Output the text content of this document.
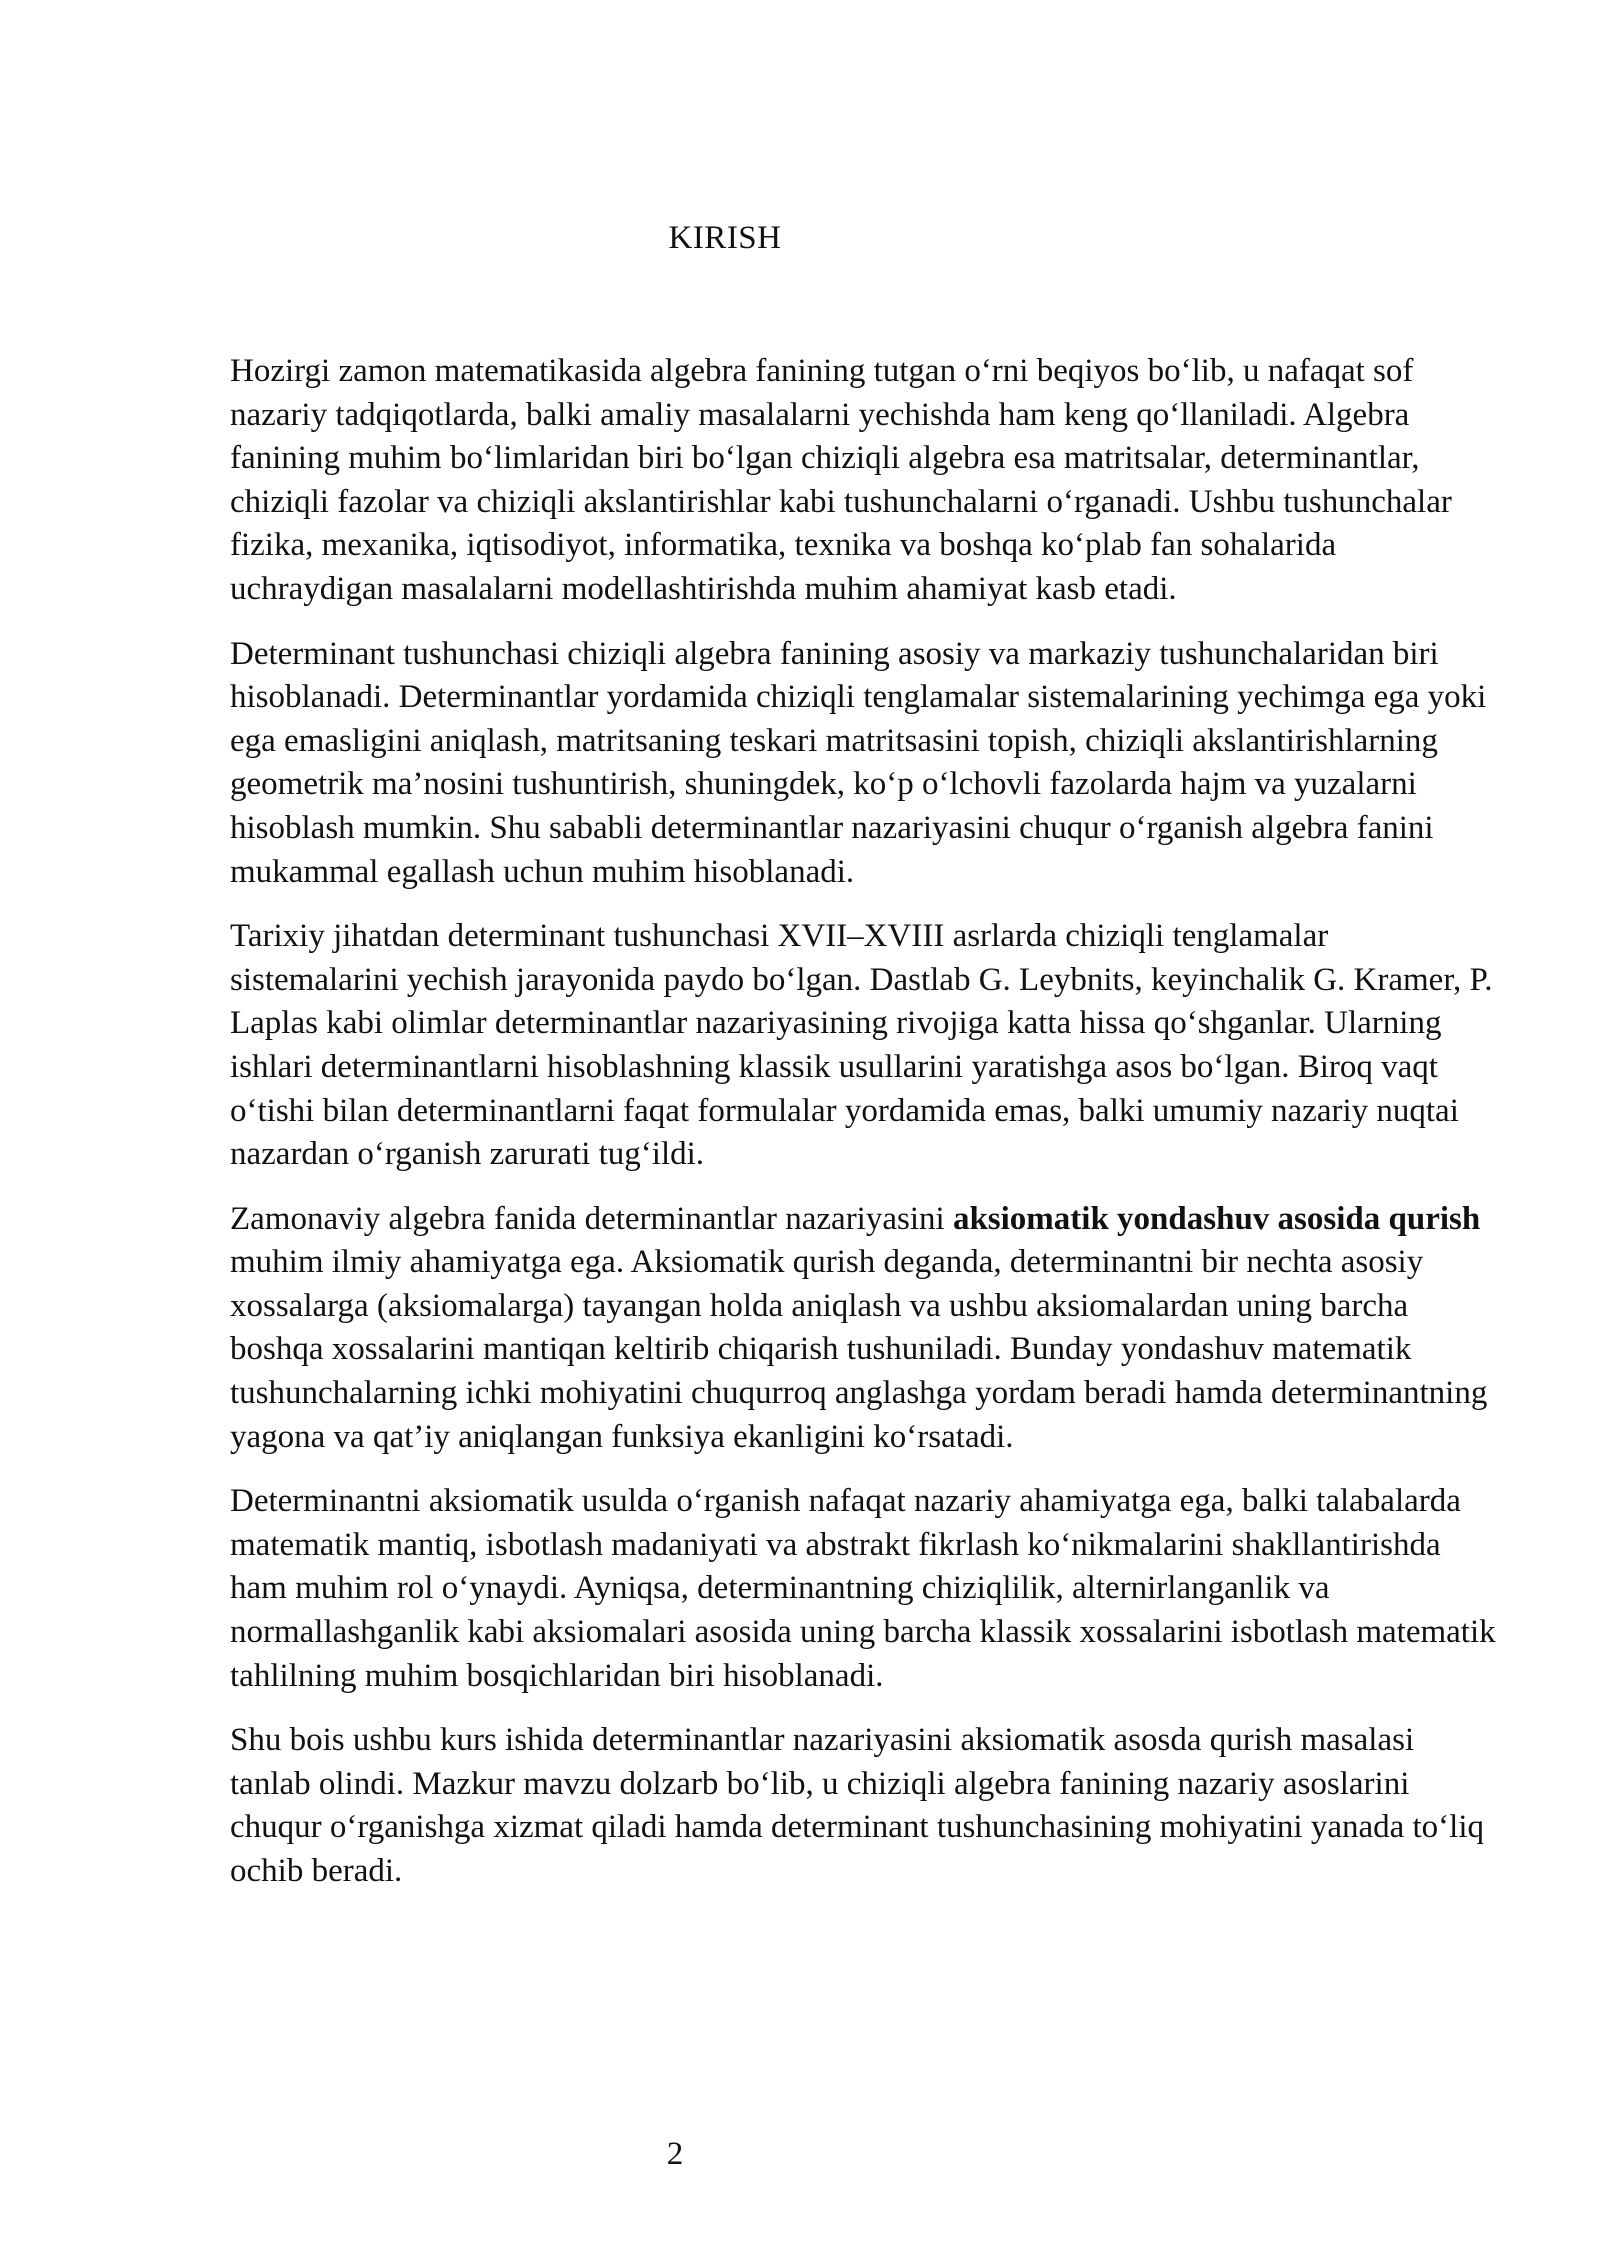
KIRISH

Hozirgi zamon matematikasida algebra fanining tutgan o‘rni beqiyos bo‘lib, u nafaqat sof nazariy tadqiqotlarda, balki amaliy masalalarni yechishda ham keng qo‘llaniladi. Algebra fanining muhim bo‘limlaridan biri bo‘lgan chiziqli algebra esa matritsalar, determinantlar, chiziqli fazolar va chiziqli akslantirishlar kabi tushunchalarni o‘rganadi. Ushbu tushunchalar fizika, mexanika, iqtisodiyot, informatika, texnika va boshqa ko‘plab fan sohalarida uchraydigan masalalarni modellashtirishda muhim ahamiyat kasb etadi.

Determinant tushunchasi chiziqli algebra fanining asosiy va markaziy tushunchalaridan biri hisoblanadi. Determinantlar yordamida chiziqli tenglamalar sistemalarining yechimga ega yoki ega emasligini aniqlash, matritsaning teskari matritsasini topish, chiziqli akslantirishlarning geometrik ma’nosini tushuntirish, shuningdek, ko‘p o‘lchovli fazolarda hajm va yuzalarni hisoblash mumkin. Shu sababli determinantlar nazariyasini chuqur o‘rganish algebra fanini mukammal egallash uchun muhim hisoblanadi.

Tarixiy jihatdan determinant tushunchasi XVII–XVIII asrlarda chiziqli tenglamalar sistemalarini yechish jarayonida paydo bo‘lgan. Dastlab G. Leybnits, keyinchalik G. Kramer, P. Laplas kabi olimlar determinantlar nazariyasining rivojiga katta hissa qo‘shganlar. Ularning ishlari determinantlarni hisoblashning klassik usullarini yaratishga asos bo‘lgan. Biroq vaqt o‘tishi bilan determinantlarni faqat formulalar yordamida emas, balki umumiy nazariy nuqtai nazardan o‘rganish zarurati tug‘ildi.

Zamonaviy algebra fanida determinantlar nazariyasini aksiomatik yondashuv asosida qurish muhim ilmiy ahamiyatga ega. Aksiomatik qurish deganda, determinantni bir nechta asosiy xossalarga (aksiomalarga) tayangan holda aniqlash va ushbu aksiomalardan uning barcha boshqa xossalarini mantiqan keltirib chiqarish tushuniladi. Bunday yondashuv matematik tushunchalarning ichki mohiyatini chuqurroq anglashga yordam beradi hamda determinantning yagona va qat’iy aniqlangan funksiya ekanligini ko‘rsatadi.

Determinantni aksiomatik usulda o‘rganish nafaqat nazariy ahamiyatga ega, balki talabalarda matematik mantiq, isbotlash madaniyati va abstrakt fikrlash ko‘nikmalarini shakllantirishda ham muhim rol o‘ynaydi. Ayniqsa, determinantning chiziqlilik, alternirlanganlik va normallashganlik kabi aksiomalari asosida uning barcha klassik xossalarini isbotlash matematik tahlilning muhim bosqichlaridan biri hisoblanadi.

Shu bois ushbu kurs ishida determinantlar nazariyasini aksiomatik asosda qurish masalasi tanlab olindi. Mazkur mavzu dolzarb bo‘lib, u chiziqli algebra fanining nazariy asoslarini chuqur o‘rganishga xizmat qiladi hamda determinant tushunchasining mohiyatini yanada to‘liq ochib beradi.

2
